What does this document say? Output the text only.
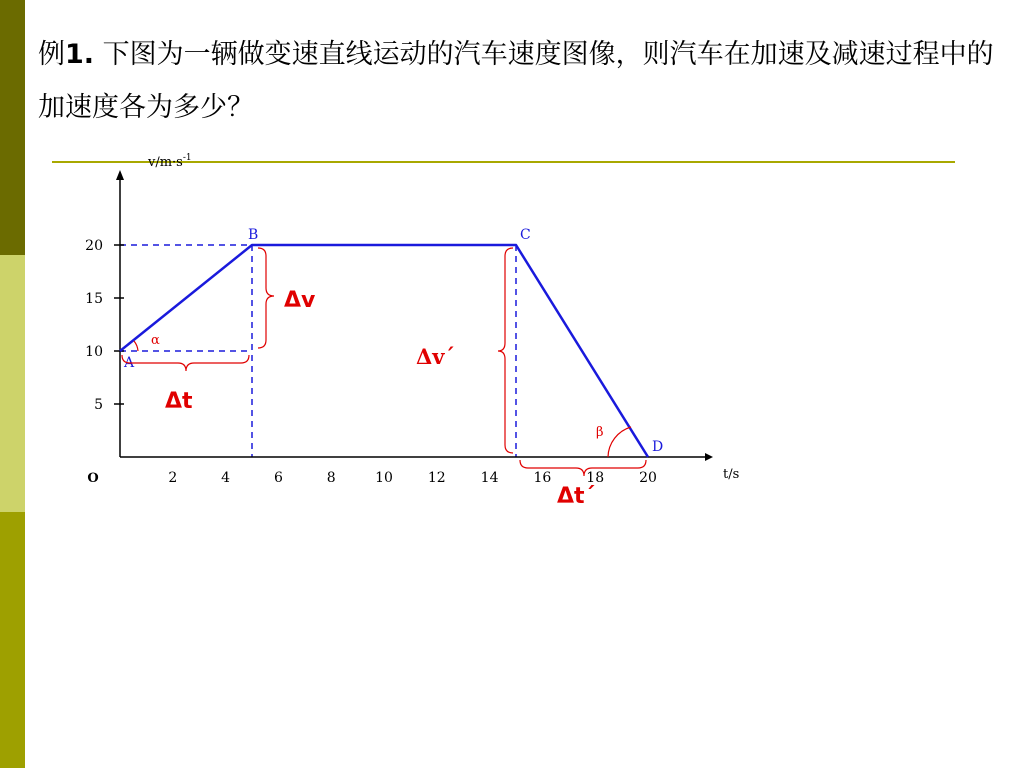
例1. 下图为一辆做变速直线运动的汽车速度图像，则汽车在加速及减速过程中的加速度各为多少？

5
10
15
20
2	4	6	8	10 12 14 16 18 20
O
$v/m\cdot s^{-1}$
t/s
A
B	C
D
α
β
Δv
Δt
Δv´
Δt´
